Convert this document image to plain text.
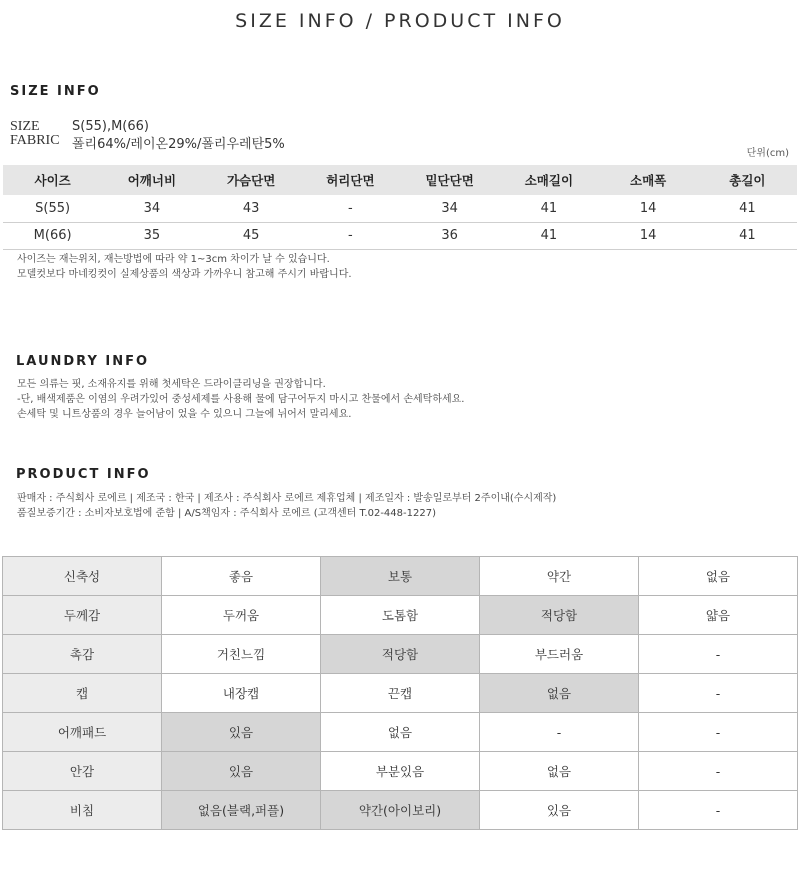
SIZE INFO / PRODUCT INFO
SIZE INFO
SIZE	S(55),M(66)
FABRIC 폴리64%/레이온29%/폴리우레탄5%
단위(cm)
사이즈	어깨너비	가슴단면	허리단면	밑단단면	소매길이	소매폭	총길이
S(55)	34	43	-	34	41	14	41
M(66)	35	45	-	36	41	14	41

사이즈는 재는위치, 재는방법에 따라 약 1~3cm 차이가 날 수 있습니다.

모델컷보다 마네킹컷이 실제상품의 색상과 가까우니 참고해 주시기 바랍니다.

LAUNDRY INFO

모든 의류는 핏, 소재유지를 위해 첫세탁은 드라이클리닝을 권장합니다.

-단, 배색제품은 이염의 우려가있어 중성세제를 사용해 물에 담구어두지 마시고 찬물에서 손세탁하세요.

손세탁 및 니트상품의 경우 늘어남이 었을 수 있으니 그늘에 뉘어서 말리세요.

PRODUCT INFO

판매자 : 주식회사 로에르 | 제조국 : 한국 | 제조사 : 주식회사 로에르 제휴업체 | 제조일자 : 발송일로부터 2주이내(수시제작)

품질보증기간 : 소비자보호법에 준함 | A/S책임자 : 주식회사 로에르 (고객센터 T.02-448-1227)

신축성	좋음	보통	약간	없음
두께감	두꺼움	도톰함	적당함	얇음
촉감	거친느낌	적당함	부드러움	-
캡	내장캡	끈캡	없음	-
어깨패드	있음	없음	-	-
안감	있음	부분있음	없음	-
비침	없음(블랙,퍼플)	약간(아이보리)	있음	-
